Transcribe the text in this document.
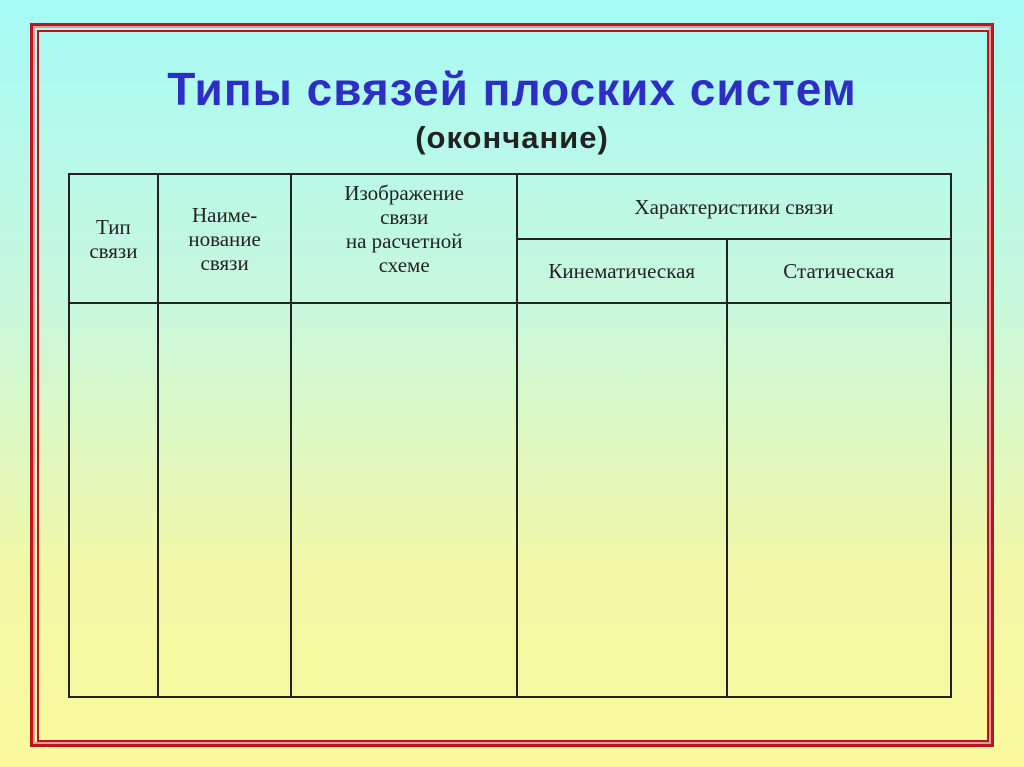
Типы связей плоских систем
(окончание)
Тип
связи	Наиме-
нование
связи	Изображение
связи
на расчетной
схеме	Характеристики связи	
			Кинематическая	Статическая
